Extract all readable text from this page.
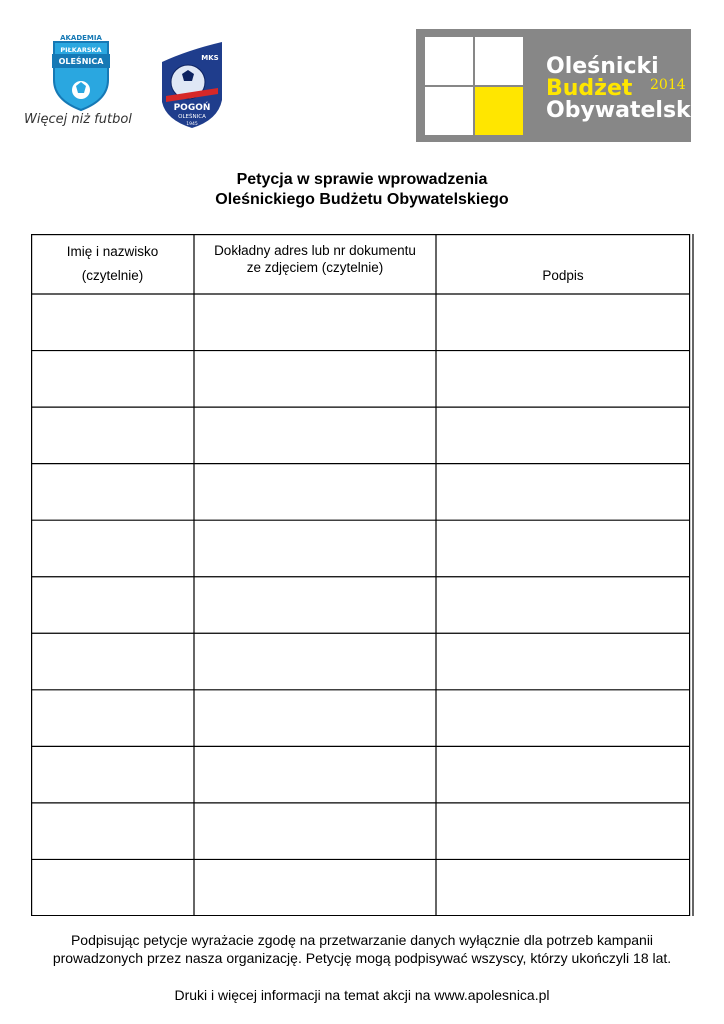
AKADEMIA
PIŁKARSKA
OLEŚNICA
Więcej niż futbol
MKS
POGOŃ
OLEŚNICA
1945
Oleśnicki
Budżet
Obywatelski
2014
Petycja w sprawie wprowadzenia
Oleśnickiego Budżetu Obywatelskiego
Imię i nazwisko
(czytelnie)
Dokładny adres lub nr dokumentu
ze zdjęciem (czytelnie)
Podpis
Podpisując petycje wyrażacie zgodę na przetwarzanie danych wyłącznie dla potrzeb kampanii
prowadzonych przez nasza organizację. Petycję mogą podpisywać wszyscy, którzy ukończyli 18 lat.
Druki i więcej informacji na temat akcji na www.apolesnica.pl
